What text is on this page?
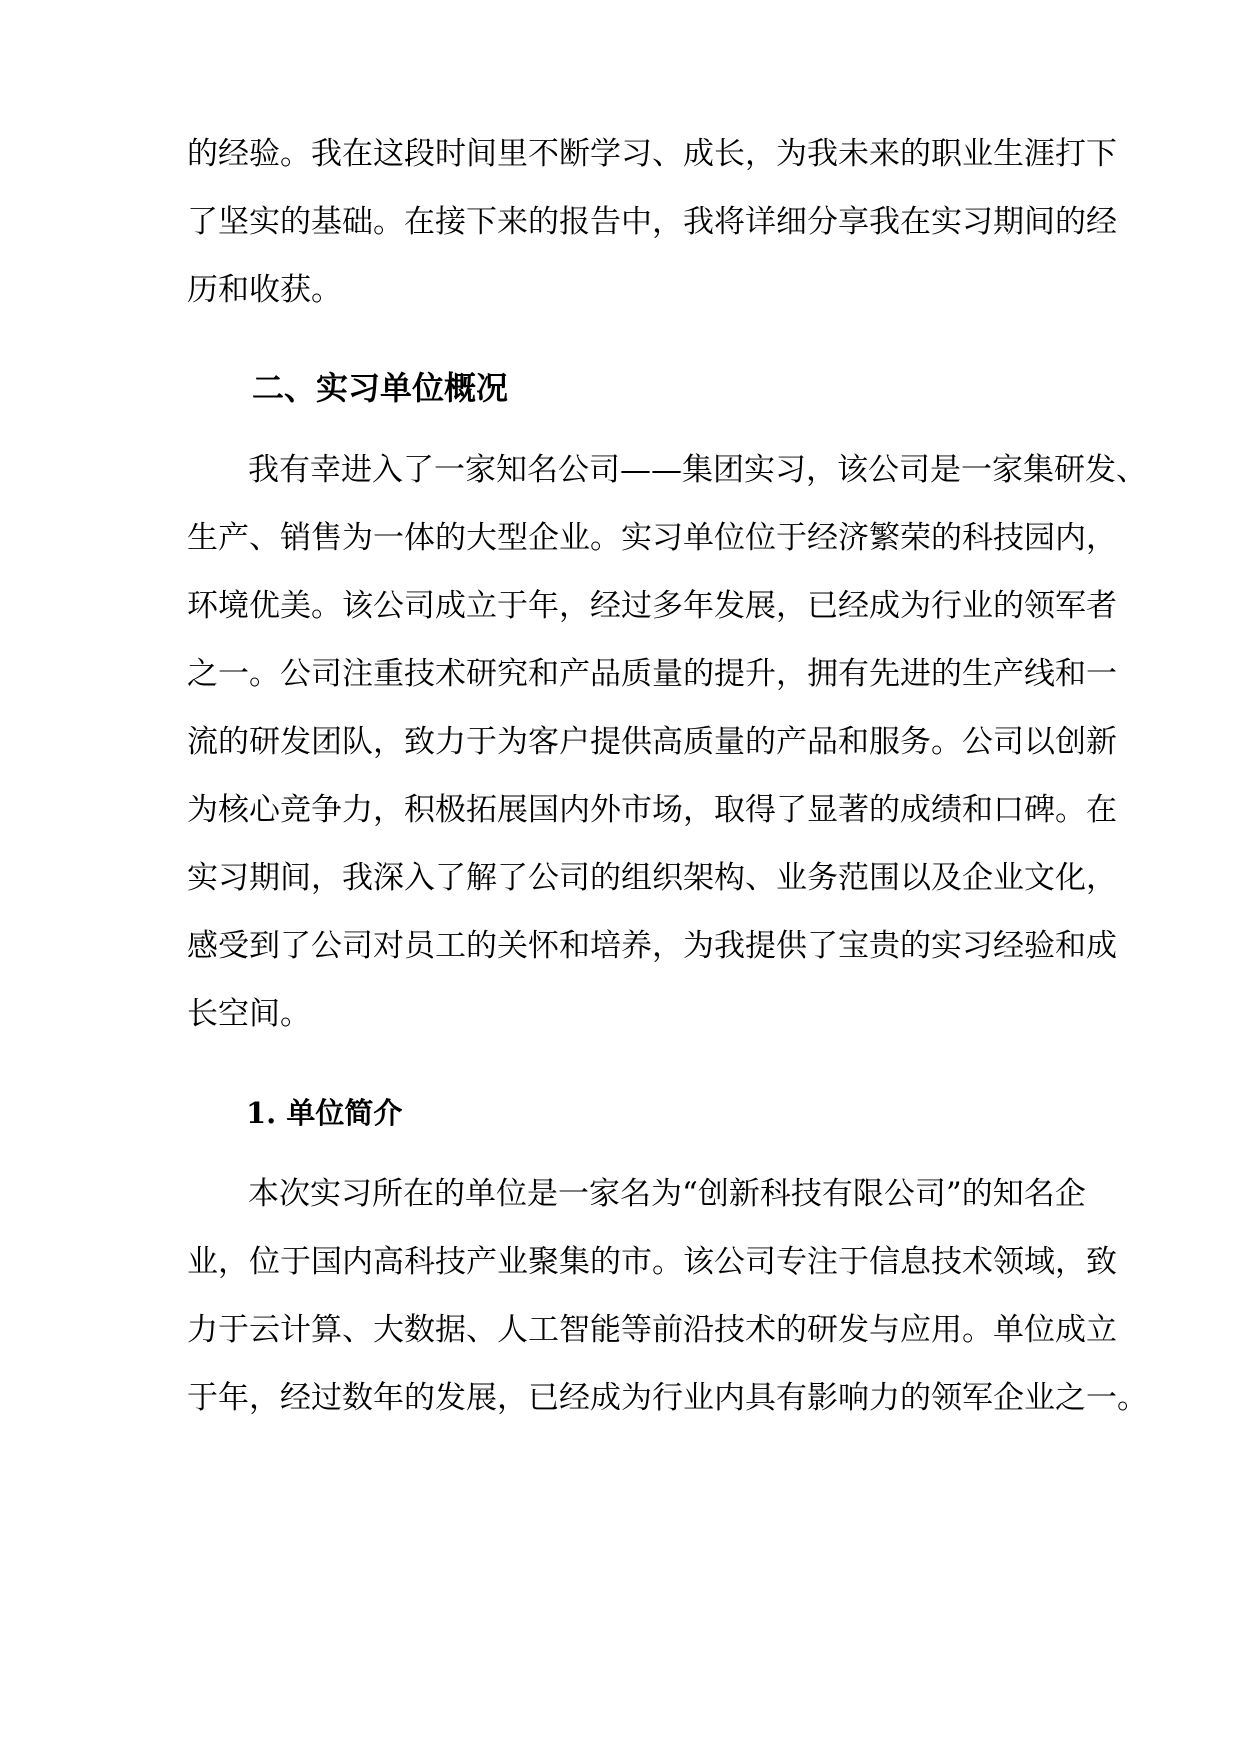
的经验。我在这段时间里不断学习、成长，为我未来的职业生涯打下
了坚实的基础。在接下来的报告中，我将详细分享我在实习期间的经
历和收获。
二、实习单位概况
我有幸进入了一家知名公司——集团实习，该公司是一家集研发、
生产、销售为一体的大型企业。实习单位位于经济繁荣的科技园内，
环境优美。该公司成立于年，经过多年发展，已经成为行业的领军者
之一。公司注重技术研究和产品质量的提升，拥有先进的生产线和一
流的研发团队，致力于为客户提供高质量的产品和服务。公司以创新
为核心竞争力，积极拓展国内外市场，取得了显著的成绩和口碑。在
实习期间，我深入了解了公司的组织架构、业务范围以及企业文化，
感受到了公司对员工的关怀和培养，为我提供了宝贵的实习经验和成
长空间。
1. 单位简介
本次实习所在的单位是一家名为“创新科技有限公司”的知名企
业，位于国内高科技产业聚集的市。该公司专注于信息技术领域，致
力于云计算、大数据、人工智能等前沿技术的研发与应用。单位成立
于年，经过数年的发展，已经成为行业内具有影响力的领军企业之一。
